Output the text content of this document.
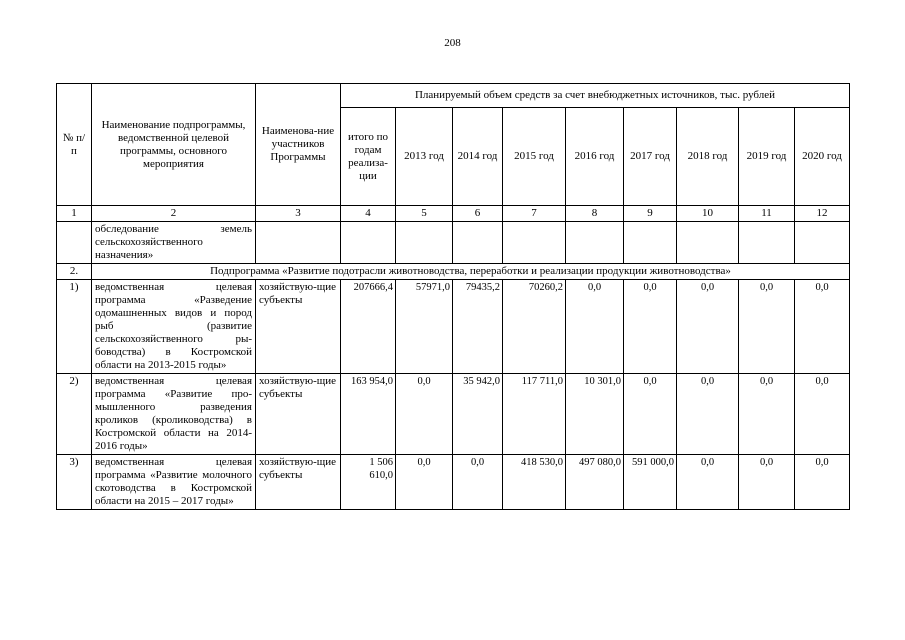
208
№ п/п	Наименование подпрограммы, ведомственной целевой программы, основного мероприятия	Наименова-ние участников Программы	Планируемый объем средств за счет внебюджетных источников, тыс. рублей								
			итого по годам реализа-ции	2013 год	2014 год	2015 год	2016 год	2017 год	2018 год	2019 год	2020 год
1	2	3	4	5	6	7	8	9	10	11	12
	обследование земель сельскохозяйственного назначения»										
2.	Подпрограмма «Развитие подотрасли животноводства, переработки и реализации продукции животноводства»										
1)	ведомственная целевая программа «Разведение одомашненных видов и пород рыб (развитие сельскохозяйственного ры-боводства) в Костромской области на 2013-2015 годы»	хозяйствую-щие субъекты	207666,4	57971,0	79435,2	70260,2	0,0	0,0	0,0	0,0	0,0
2)	ведомственная целевая программа «Развитие про-мышленного разведения кроликов (кролиководства) в Костромской области на 2014-2016 годы»	хозяйствую-щие субъекты	163 954,0	0,0	35 942,0	117 711,0	10 301,0	0,0	0,0	0,0	0,0
3)	ведомственная целевая программа «Развитие молочного скотоводства в Костромской области на 2015 – 2017 годы»	хозяйствую-щие субъекты	1 506 610,0	0,0	0,0	418 530,0	497 080,0	591 000,0	0,0	0,0	0,0
